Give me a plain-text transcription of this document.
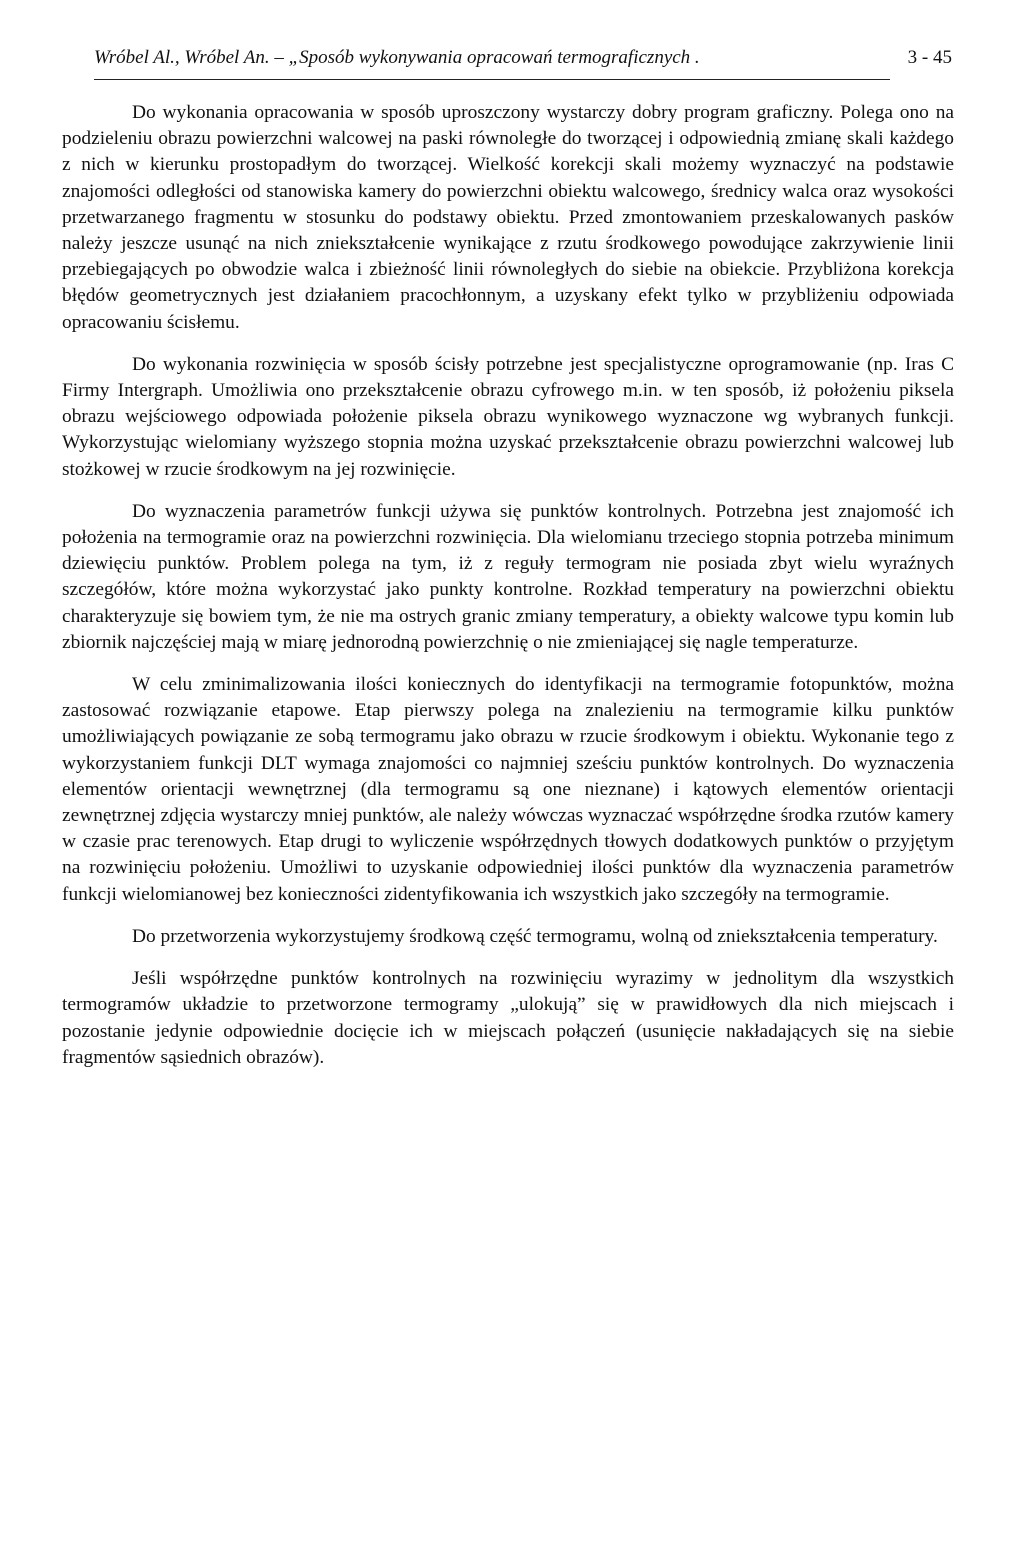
Wróbel Al., Wróbel An. – „Sposób wykonywania opracowań termograficznych .	3 - 45

Do wykonania opracowania w sposób uproszczony wystarczy dobry program graficzny. Polega ono na podzieleniu obrazu powierzchni walcowej na paski równoległe do tworzącej i odpowiednią zmianę skali każdego z nich w kierunku prostopadłym do tworzącej. Wielkość korekcji skali możemy wyznaczyć na podstawie znajomości odległości od stanowiska kamery do powierzchni obiektu walcowego, średnicy walca oraz wysokości przetwarzanego fragmentu w stosunku do podstawy obiektu. Przed zmontowaniem przeskalowanych pasków należy jeszcze usunąć na nich zniekształcenie wynikające z rzutu środkowego powodujące zakrzywienie linii przebiegających po obwodzie walca i zbieżność linii równoległych do siebie na obiekcie. Przybliżona korekcja błędów geometrycznych jest działaniem pracochłonnym, a uzyskany efekt tylko w przybliżeniu odpowiada opracowaniu ścisłemu.

Do wykonania rozwinięcia w sposób ścisły potrzebne jest specjalistyczne oprogramowanie (np. Iras C Firmy Intergraph. Umożliwia ono przekształcenie obrazu cyfrowego m.in. w ten sposób, iż położeniu piksela obrazu wejściowego odpowiada położenie piksela obrazu wynikowego wyznaczone wg wybranych funkcji. Wykorzystując wielomiany wyższego stopnia można uzyskać przekształcenie obrazu powierzchni walcowej lub stożkowej w rzucie środkowym na jej rozwinięcie.

Do wyznaczenia parametrów funkcji używa się punktów kontrolnych. Potrzebna jest znajomość ich położenia na termogramie oraz na powierzchni rozwinięcia. Dla wielomianu trzeciego stopnia potrzeba minimum dziewięciu punktów. Problem polega na tym, iż z reguły termogram nie posiada zbyt wielu wyraźnych szczegółów, które można wykorzystać jako punkty kontrolne. Rozkład temperatury na powierzchni obiektu charakteryzuje się bowiem tym, że nie ma ostrych granic zmiany temperatury, a obiekty walcowe typu komin lub zbiornik najczęściej mają w miarę jednorodną powierzchnię o nie zmieniającej się nagle temperaturze.

W celu zminimalizowania ilości koniecznych do identyfikacji na termogramie fotopunktów, można zastosować rozwiązanie etapowe. Etap pierwszy polega na znalezieniu na termogramie kilku punktów umożliwiających powiązanie ze sobą termogramu jako obrazu w rzucie środkowym i obiektu. Wykonanie tego z wykorzystaniem funkcji DLT wymaga znajomości co najmniej sześciu punktów kontrolnych. Do wyznaczenia elementów orientacji wewnętrznej (dla termogramu są one nieznane) i kątowych elementów orientacji zewnętrznej zdjęcia wystarczy mniej punktów, ale należy wówczas wyznaczać współrzędne środka rzutów kamery w czasie prac terenowych. Etap drugi to wyliczenie współrzędnych tłowych dodatkowych punktów o przyjętym na rozwinięciu położeniu. Umożliwi to uzyskanie odpowiedniej ilości punktów dla wyznaczenia parametrów funkcji wielomianowej bez konieczności zidentyfikowania ich wszystkich jako szczegóły na termogramie.

Do przetworzenia wykorzystujemy środkową część termogramu, wolną od zniekształcenia temperatury.

Jeśli współrzędne punktów kontrolnych na rozwinięciu wyrazimy w jednolitym dla wszystkich termogramów układzie to przetworzone termogramy „ulokują” się w prawidłowych dla nich miejscach i pozostanie jedynie odpowiednie docięcie ich w miejscach połączeń (usunięcie nakładających się na siebie fragmentów sąsiednich obrazów).
